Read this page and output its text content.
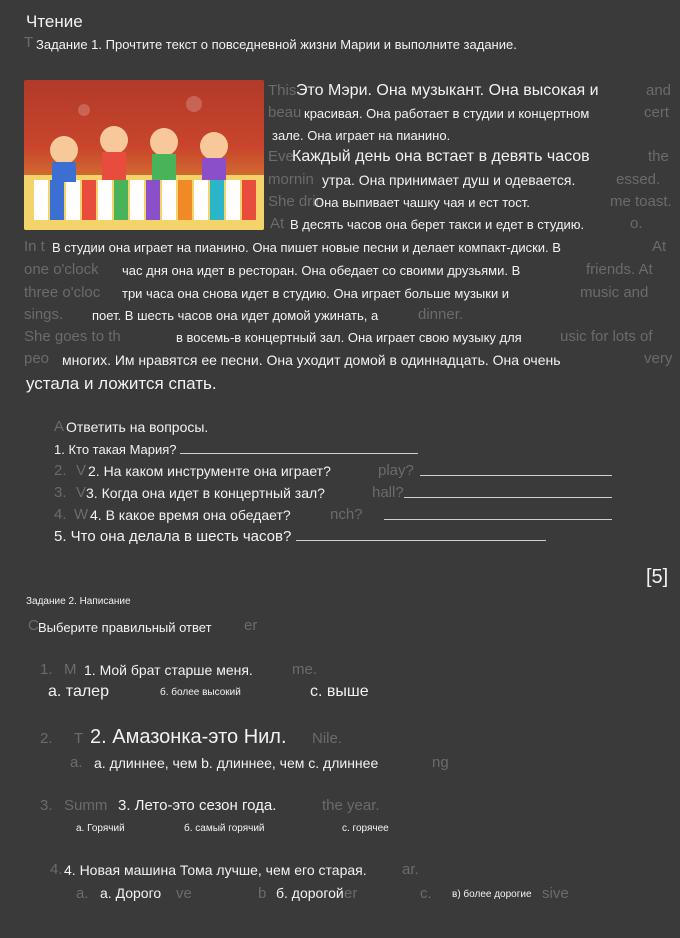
Чтение
T Задание 1. Прочтите текст о повседневной жизни Марии и выполните задание.
This	and
beau	cert
Eve	the
mornin	essed.
She drin	me toast.
At	o.
In t	At
one o'clock	friends. At
three o'cloc	music and
sings.	dinner.
She goes to th	usic for lots of
peo	very
Это Мэри. Она музыкант. Она высокая и
красивая. Она работает в студии и концертном
зале. Она играет на пианино.
Каждый день она встает в девять часов
утра. Она принимает душ и одевается.
Она выпивает чашку чая и ест тост.
В десять часов она берет такси и едет в студию.
В студии она играет на пианино. Она пишет новые песни и делает компакт-диски. В
час дня она идет в ресторан. Она обедает со своими друзьями. В
три часа она снова идет в студию. Она играет больше музыки и
поет. В шесть часов она идет домой ужинать, а
в восемь-в концертный зал. Она играет свою музыку для
многих. Им нравятся ее песни. Она уходит домой в одиннадцать. Она очень
устала и ложится спать.
A Ответить на вопросы.
1. Кто такая Мария?
2. V 2. На каком инструменте она играет?	play?
3. V 3. Когда она идет в концертный зал?	hall?
4. W 4. В какое время она обедает?	nch?
5. Что она делала в шесть часов?
[5]
Задание 2. Написание
C Выберите правильный ответ er
1. M 1. Мой брат старше меня.	me.
а. талер	б. более высокий	с. выше
2. T 2. Амазонка-это Нил. Nile.
a. а. длиннее, чем b. длиннее, чем c. длиннее	ng
3. Summ 3. Лето-это сезон года.	the year.
а. Горячий	б. самый горячий	с. горячее
4. 4. Новая машина Тома лучше, чем его старая. ar.
a. а. Дорого ve	b б. дорогой er	c. в) более дорогие sive
